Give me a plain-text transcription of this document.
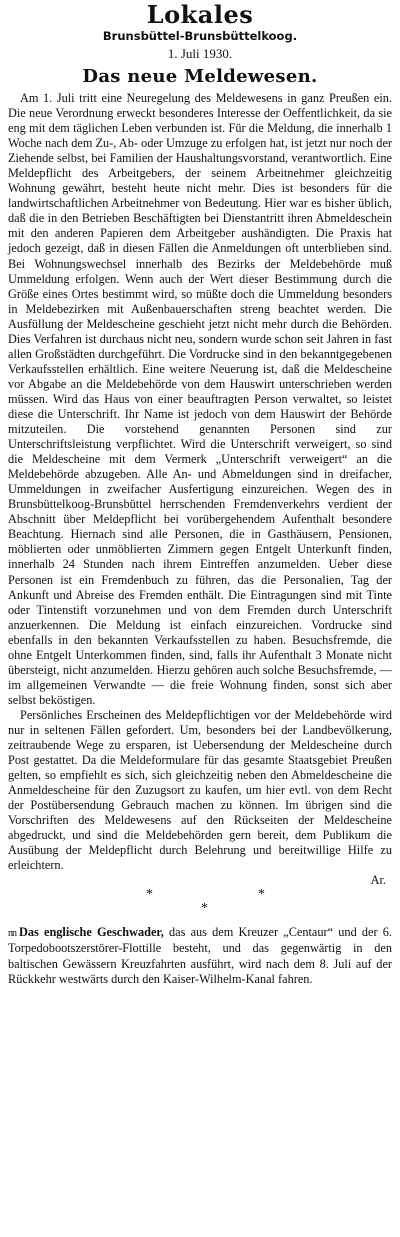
Lokales
Brunsbüttel-Brunsbüttelkoog.
1. Juli 1930.
Das neue Meldewesen.

Am 1. Juli tritt eine Neuregelung des Meldewesens in ganz Preußen ein. Die neue Verordnung erweckt besonderes Interesse der Oeffentlichkeit, da sie eng mit dem täglichen Leben verbunden ist. Für die Meldung, die innerhalb 1 Woche nach dem Zu-, Ab- oder Umzuge zu erfolgen hat, ist jetzt nur noch der Ziehende selbst, bei Familien der Haushaltungsvorstand, verantwortlich. Eine Meldepflicht des Arbeitgebers, der seinem Arbeitnehmer gleichzeitig Wohnung gewährt, besteht heute nicht mehr. Dies ist besonders für die landwirtschaftlichen Arbeitnehmer von Bedeutung. Hier war es bisher üblich, daß die in den Betrieben Beschäftigten bei Dienstantritt ihren Abmeldeschein mit den anderen Papieren dem Arbeitgeber aushändigten. Die Praxis hat jedoch gezeigt, daß in diesen Fällen die Anmeldungen oft unterblieben sind. Bei Wohnungswechsel innerhalb des Bezirks der Meldebehörde muß Ummeldung erfolgen. Wenn auch der Wert dieser Bestimmung durch die Größe eines Ortes bestimmt wird, so müßte doch die Ummeldung besonders in Meldebezirken mit Außenbauerschaften streng beachtet werden. Die Ausfüllung der Meldescheine geschieht jetzt nicht mehr durch die Behörden. Dies Verfahren ist durchaus nicht neu, sondern wurde schon seit Jahren in fast allen Großstädten durchgeführt. Die Vordrucke sind in den bekanntgegebenen Verkaufsstellen erhältlich. Eine weitere Neuerung ist, daß die Meldescheine vor Abgabe an die Meldebehörde von dem Hauswirt unterschrieben werden müssen. Wird das Haus von einer beauftragten Person verwaltet, so leistet diese die Unterschrift. Ihr Name ist jedoch von dem Hauswirt der Behörde mitzuteilen. Die vorstehend genannten Personen sind zur Unterschriftsleistung verpflichtet. Wird die Unterschrift verweigert, so sind die Meldescheine mit dem Vermerk „Unterschrift verweigert“ an die Meldebehörde abzugeben. Alle An- und Abmeldungen sind in dreifacher, Ummeldungen in zweifacher Ausfertigung einzureichen. Wegen des in Brunsbüttelkoog-Brunsbüttel herrschenden Fremdenverkehrs verdient der Abschnitt über Meldepflicht bei vorübergehendem Aufenthalt besondere Beachtung. Hiernach sind alle Personen, die in Gasthäusern, Pensionen, möblierten oder unmöblierten Zimmern gegen Entgelt Unterkunft finden, innerhalb 24 Stunden nach ihrem Eintreffen anzumelden. Ueber diese Personen ist ein Fremdenbuch zu führen, das die Personalien, Tag der Ankunft und Abreise des Fremden enthält. Die Eintragungen sind mit Tinte oder Tintenstift vorzunehmen und von dem Fremden durch Unterschrift anzuerkennen. Die Meldung ist einfach einzureichen. Vordrucke sind ebenfalls in den bekannten Verkaufsstellen zu haben. Besuchsfremde, die ohne Entgelt Unterkommen finden, sind, falls ihr Aufenthalt 3 Monate nicht übersteigt, nicht anzumelden. Hierzu gehören auch solche Besuchsfremde, — im allgemeinen Verwandte — die freie Wohnung finden, sonst sich aber selbst beköstigen.

Persönliches Erscheinen des Meldepflichtigen vor der Meldebehörde wird nur in seltenen Fällen gefordert. Um, besonders bei der Landbevölkerung, zeitraubende Wege zu ersparen, ist Uebersendung der Meldescheine durch Post gestattet. Da die Meldeformulare für das gesamte Staatsgebiet Preußen gelten, so empfiehlt es sich, sich gleichzeitig neben den Abmeldescheine die Anmeldescheine für den Zuzugsort zu kaufen, um hier evtl. von dem Recht der Postübersendung Gebrauch machen zu können. Im übrigen sind die Vorschriften des Meldewesens auf den Rückseiten der Meldescheine abgedruckt, und sind die Meldebehörden gern bereit, dem Publikum die Ausübung der Meldepflicht durch Belehrung und bereitwillige Hilfe zu erleichtern.

Ar.
*
*
*
nn Das englische Geschwader, das aus dem Kreuzer „Centaur“ und der 6. Torpedobootszerstörer-Flottille besteht, und das gegenwärtig in den baltischen Gewässern Kreuzfahrten ausführt, wird nach dem 8. Juli auf der Rückkehr westwärts durch den Kaiser-Wilhelm-Kanal fahren.
